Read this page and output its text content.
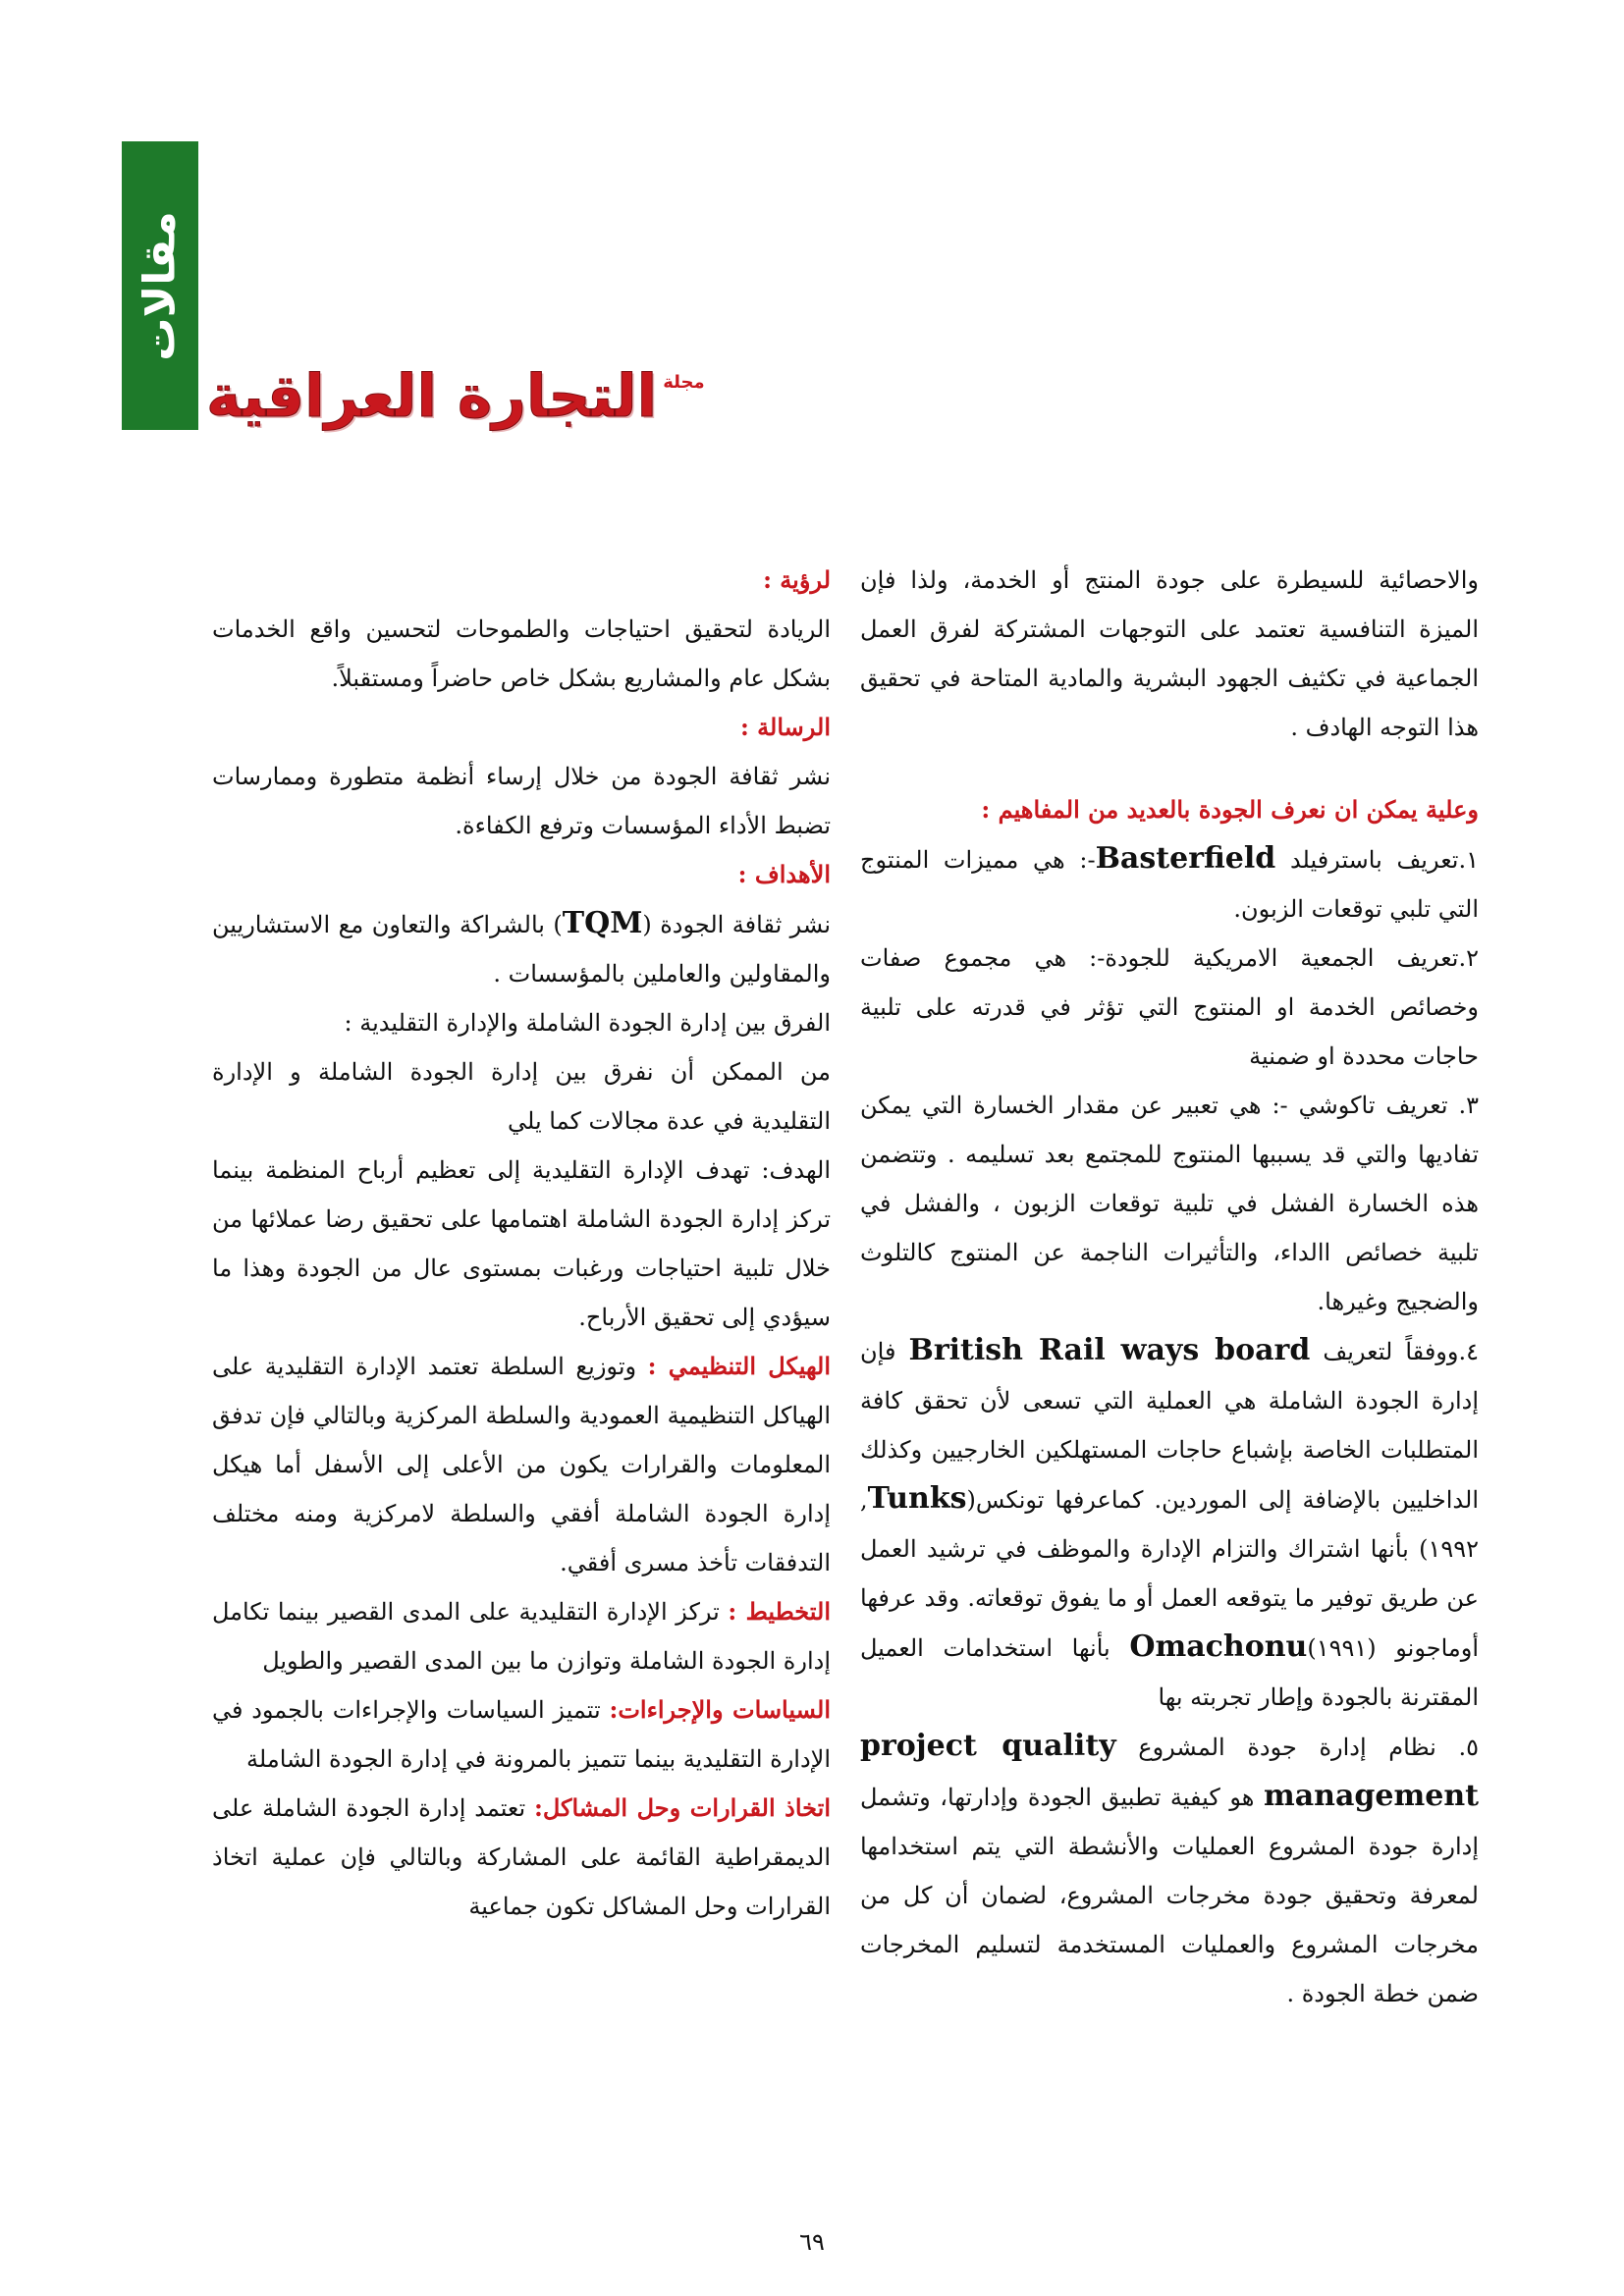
مقالات
مجلة
التجارة العراقية

والاحصائية للسيطرة على جودة المنتج أو الخدمة، ولذا فإن الميزة التنافسية تعتمد على التوجهات المشتركة لفرق العمل الجماعية في تكثيف الجهود البشرية والمادية المتاحة في تحقيق هذا التوجه الهادف .

وعلية يمكن ان نعرف الجودة بالعديد من المفاهيم :

١.تعريف باسترفيلد Basterfield-: هي مميزات المنتوج التي تلبي توقعات الزبون.

٢.تعريف الجمعية الامريكية للجودة-: هي مجموع صفات وخصائص الخدمة او المنتوج التي تؤثر في قدرته على تلبية حاجات محددة او ضمنية

٣. تعريف تاكوشي -: هي تعبير عن مقدار الخسارة التي يمكن تفاديها والتي قد يسببها المنتوج للمجتمع بعد تسليمه . وتتضمن هذه الخسارة الفشل في تلبية توقعات الزبون ، والفشل في تلبية خصائص االداء، والتأثيرات الناجمة عن المنتوج كالتلوث والضجيج وغيرها.

٤.ووفقاً لتعريف British Rail ways board فإن إدارة الجودة الشاملة هي العملية التي تسعى لأن تحقق كافة المتطلبات الخاصة بإشباع حاجات المستهلكين الخارجيين وكذلك الداخليين بالإضافة إلى الموردين. كماعرفها تونكس(Tunks, ١٩٩٢) بأنها اشتراك والتزام الإدارة والموظف في ترشيد العمل عن طريق توفير ما يتوقعه العمل أو ما يفوق توقعاته. وقد عرفها أوماجونو (١٩٩١)Omachonu بأنها استخدامات العميل المقترنة بالجودة وإطار تجربته بها

٥. نظام إدارة جودة المشروع project quality management هو كيفية تطبيق الجودة وإدارتها، وتشمل إدارة جودة المشروع العمليات والأنشطة التي يتم استخدامها لمعرفة وتحقيق جودة مخرجات المشروع، لضمان أن كل من مخرجات المشروع والعمليات المستخدمة لتسليم المخرجات ضمن خطة الجودة .

لرؤية :

الريادة لتحقيق احتياجات والطموحات لتحسين واقع الخدمات بشكل عام والمشاريع بشكل خاص حاضراً ومستقبلاً.

الرسالة :

نشر ثقافة الجودة من خلال إرساء أنظمة متطورة وممارسات تضبط الأداء المؤسسات وترفع الكفاءة.

الأهداف :

نشر ثقافة الجودة (TQM) بالشراكة والتعاون مع الاستشاريين والمقاولين والعاملين بالمؤسسات .

الفرق بين إدارة الجودة الشاملة والإدارة التقليدية :

من الممكن أن نفرق بين إدارة الجودة الشاملة و الإدارة التقليدية في عدة مجالات كما يلي

الهدف: تهدف الإدارة التقليدية إلى تعظيم أرباح المنظمة بينما تركز إدارة الجودة الشاملة اهتمامها على تحقيق رضا عملائها من خلال تلبية احتياجات ورغبات بمستوى عال من الجودة وهذا ما سيؤدي إلى تحقيق الأرباح.

الهيكل التنظيمي : وتوزيع السلطة تعتمد الإدارة التقليدية على الهياكل التنظيمية العمودية والسلطة المركزية وبالتالي فإن تدفق المعلومات والقرارات يكون من الأعلى إلى الأسفل أما هيكل إدارة الجودة الشاملة أفقي والسلطة لامركزية ومنه مختلف التدفقات تأخذ مسرى أفقي.

التخطيط : تركز الإدارة التقليدية على المدى القصير بينما تكامل إدارة الجودة الشاملة وتوازن ما بين المدى القصير والطويل

السياسات والإجراءات: تتميز السياسات والإجراءات بالجمود في الإدارة التقليدية بينما تتميز بالمرونة في إدارة الجودة الشاملة

اتخاذ القرارات وحل المشاكل: تعتمد إدارة الجودة الشاملة على الديمقراطية القائمة على المشاركة وبالتالي فإن عملية اتخاذ القرارات وحل المشاكل تكون جماعية

٦٩
